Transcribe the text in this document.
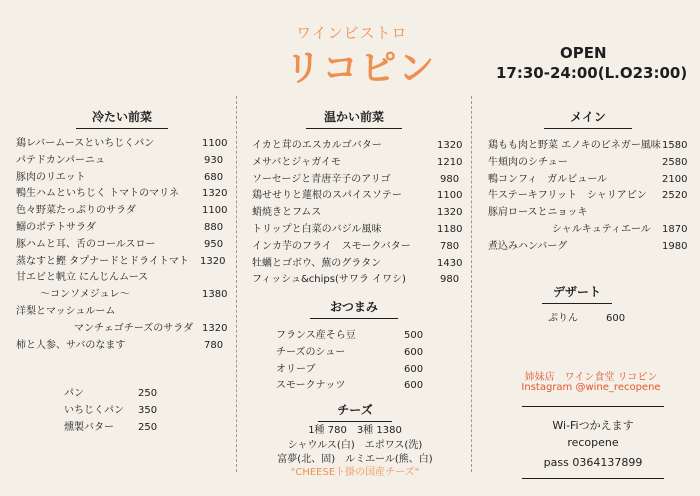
ワインビストロ
リコピン	OPEN
17:30-24:00(L.O23:00)
冷たい前菜
鶏レバームースといちじくパン	1100
パテドカンパーニュ	930
豚肉のリエット	680
鴨生ハムといちじく トマトのマリネ 1320
色々野菜たっぷりのサラダ	1100
鰯のポテトサラダ	880
豚ハムと耳、舌のコールスロー	950
蒸なすと鰹 タプナードとドライトマト 1320
甘エビと帆立 にんじんムース
〜コンソメジュレ〜	1380
洋梨とマッシュルーム
マンチェゴチーズのサラダ 1320
柿と人参、サバのなます	780
パン	250
いちじくパン 350
燻製バター 250
温かい前菜
イカと茸のエスカルゴバター	1320
メサバとジャガイモ	1210
ソーセージと青唐辛子のアリゴ	980
鶏せせりと蓮根のスパイスソテー	1100
蛸焼きとフムス	1320
トリップと白菜のバジル風味	1180
インカ芋のフライ　スモークバター	780
牡蠣とゴボウ、蕪のグラタン	1430
フィッシュ&chips(サワラ イワシ)	980
おつまみ
フランス産そら豆	500
チーズのシュー	600
オリーブ	600
スモークナッツ	600
チーズ
1種 780　3種 1380
シャウルス(白)　エポワス(洗)
富夢(北、固)　ルミエール(熊、白)
"CHEESEト掛の国産チーズ"
メイン
鶏もも肉と野菜 エノキのビネガー風味 1580
牛頬肉のシチュー	2580
鴨コンフィ　ガルビュール	2100
牛ステーキフリット　シャリアピン 2520
豚肩ロースとニョッキ
シャルキュティエール 1870
煮込みハンバーグ	1980
デザート
ぷりん	600
姉妹店　ワイン食堂 リコピン
Instagram @wine_recopene
Wi-Fiつかえます
recopene
pass 0364137899
